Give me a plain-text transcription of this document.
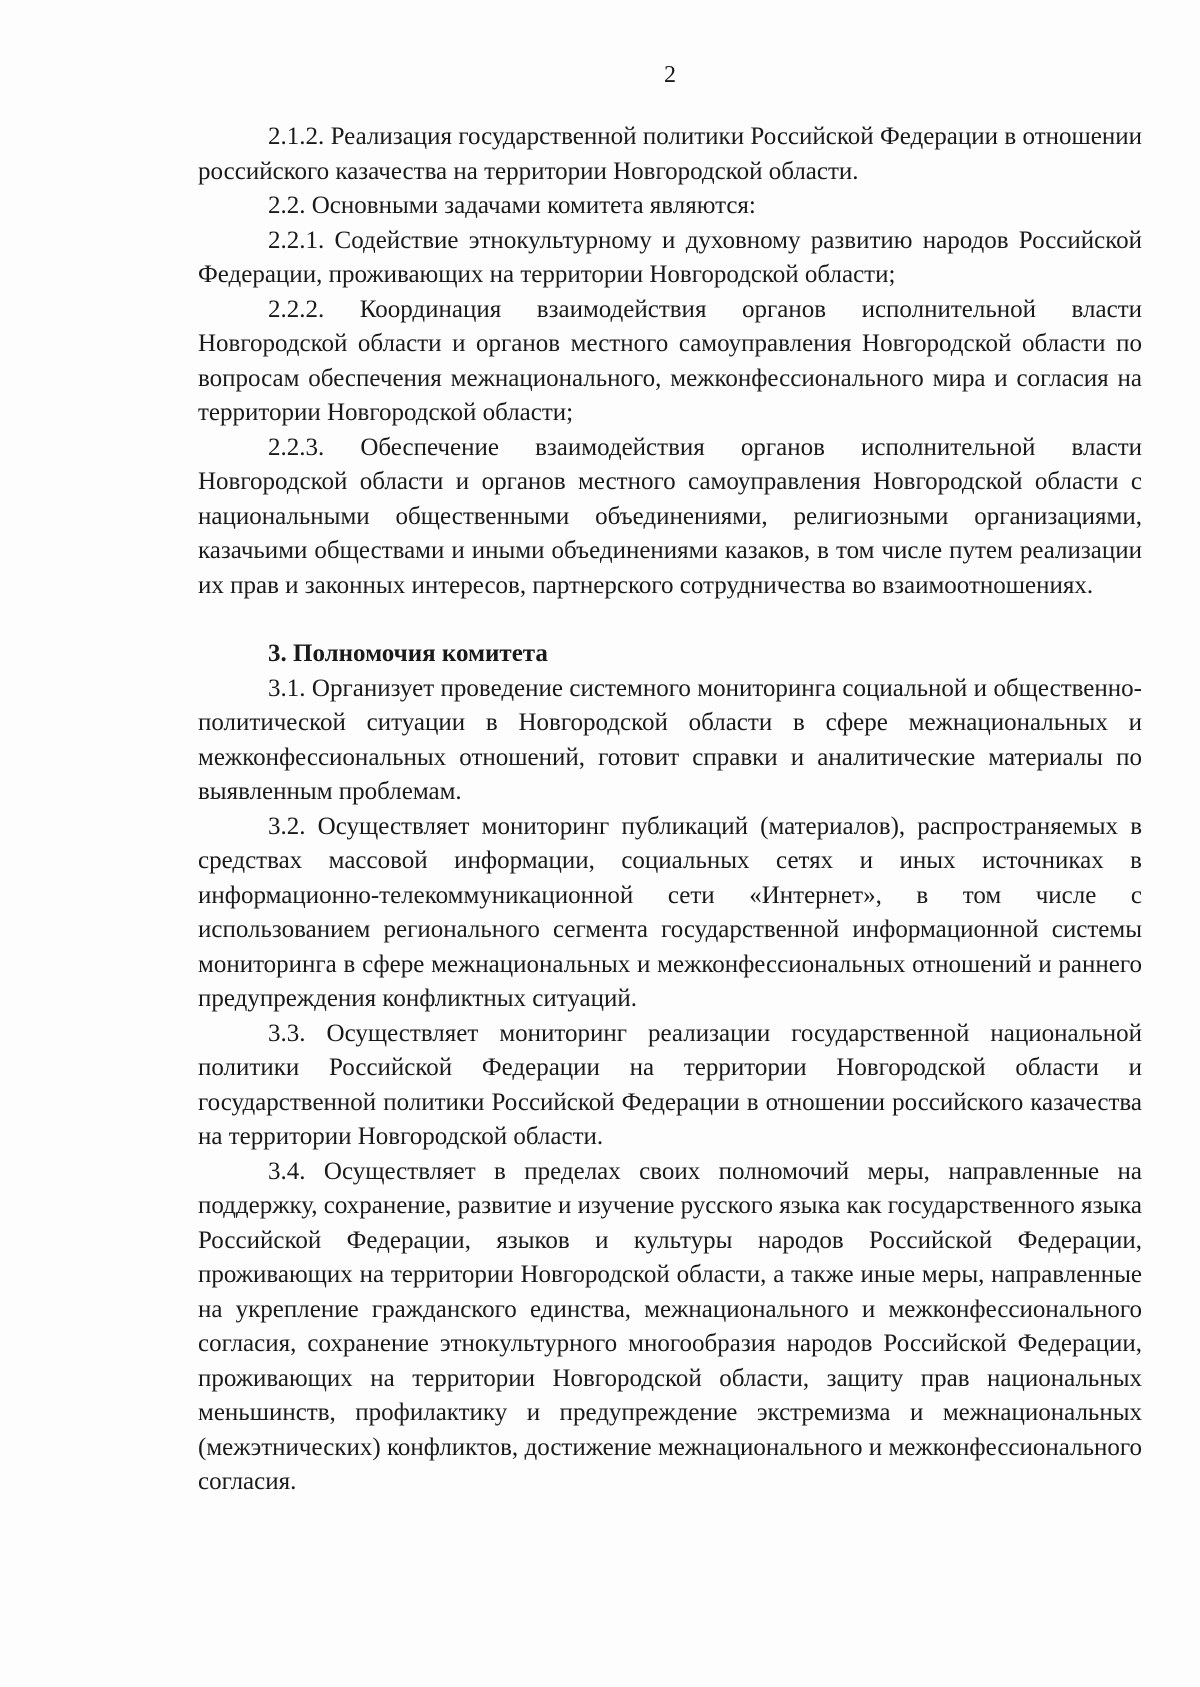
2

2.1.2. Реализация государственной политики Российской Федерации в отношении российского казачества на территории Новгородской области.

2.2. Основными задачами комитета являются:

2.2.1. Содействие этнокультурному и духовному развитию народов Российской Федерации, проживающих на территории Новгородской области;

2.2.2. Координация взаимодействия органов исполнительной власти Новгородской области и органов местного самоуправления Новгородской области по вопросам обеспечения межнационального, межконфессионального мира и согласия на территории Новгородской области;

2.2.3. Обеспечение взаимодействия органов исполнительной власти Новгородской области и органов местного самоуправления Новгородской области с национальными общественными объединениями, религиозными организациями, казачьими обществами и иными объединениями казаков, в том числе путем реализации их прав и законных интересов, партнерского сотрудничества во взаимоотношениях.

3. Полномочия комитета

3.1. Организует проведение системного мониторинга социальной и общественно-политической ситуации в Новгородской области в сфере межнациональных и межконфессиональных отношений, готовит справки и аналитические материалы по выявленным проблемам.

3.2. Осуществляет мониторинг публикаций (материалов), распространяемых в средствах массовой информации, социальных сетях и иных источниках в информационно-телекоммуникационной сети «Интернет», в том числе с использованием регионального сегмента государственной информационной системы мониторинга в сфере межнациональных и межконфессиональных отношений и раннего предупреждения конфликтных ситуаций.

3.3. Осуществляет мониторинг реализации государственной национальной политики Российской Федерации на территории Новгородской области и государственной политики Российской Федерации в отношении российского казачества на территории Новгородской области.

3.4. Осуществляет в пределах своих полномочий меры, направленные на поддержку, сохранение, развитие и изучение русского языка как государственного языка Российской Федерации, языков и культуры народов Российской Федерации, проживающих на территории Новгородской области, а также иные меры, направленные на укрепление гражданского единства, межнационального и межконфессионального согласия, сохранение этнокультурного многообразия народов Российской Федерации, проживающих на территории Новгородской области, защиту прав национальных меньшинств, профилактику и предупреждение экстремизма и межнациональных (межэтнических) конфликтов, достижение межнационального и межконфессионального согласия.
